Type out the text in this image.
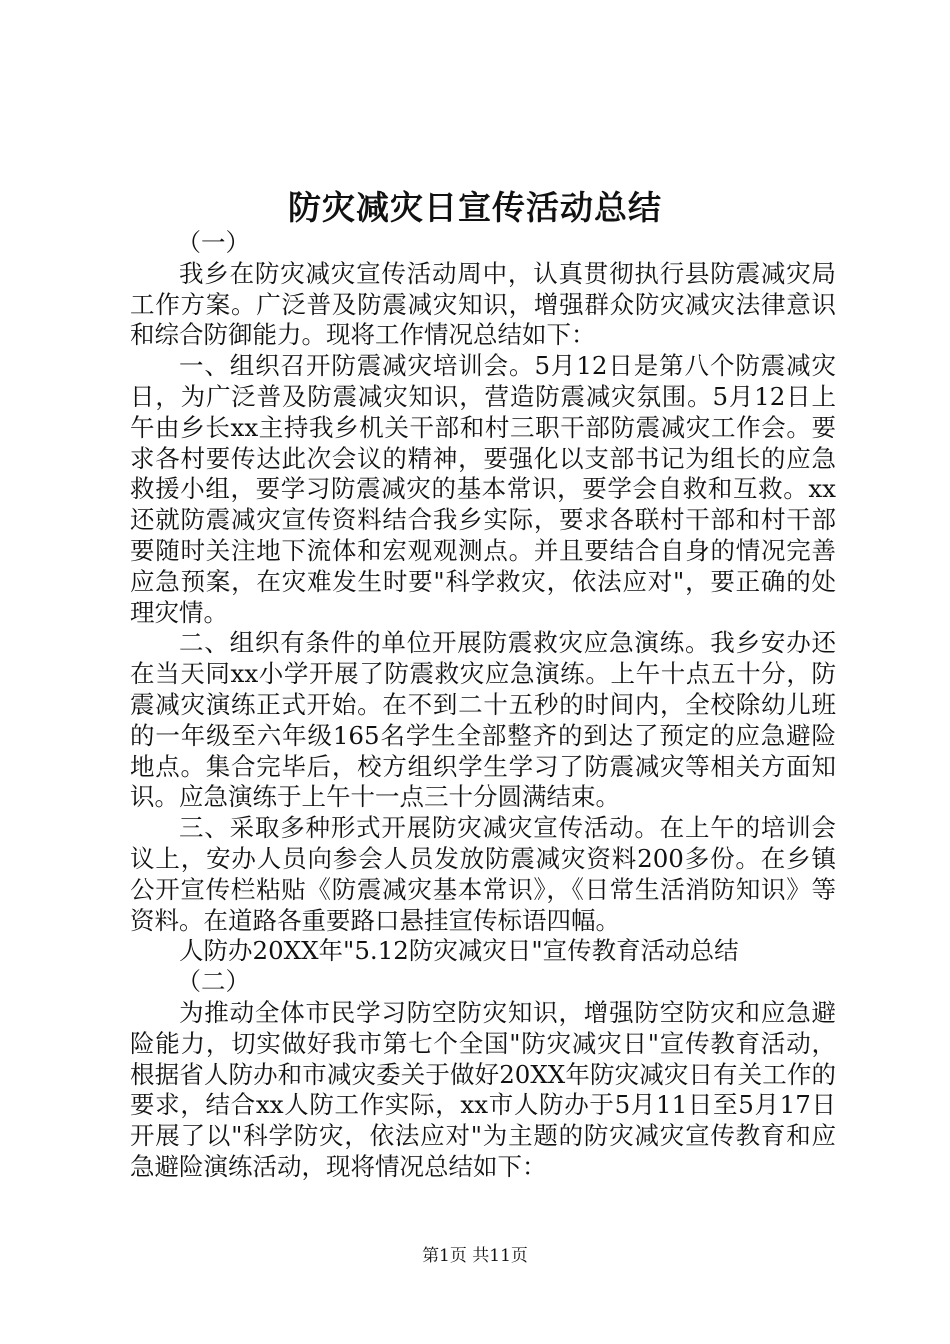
防灾减灾日宣传活动总结

（一）

我乡在防灾减灾宣传活动周中，认真贯彻执行县防震减灾局工作方案。广泛普及防震减灾知识，增强群众防灾减灾法律意识和综合防御能力。现将工作情况总结如下：

一、组织召开防震减灾培训会。5月12日是第八个防震减灾日，为广泛普及防震减灾知识，营造防震减灾氛围。5月12日上午由乡长xx主持我乡机关干部和村三职干部防震减灾工作会。要求各村要传达此次会议的精神，要强化以支部书记为组长的应急救援小组，要学习防震减灾的基本常识，要学会自救和互救。xx还就防震减灾宣传资料结合我乡实际，要求各联村干部和村干部要随时关注地下流体和宏观观测点。并且要结合自身的情况完善应急预案，在灾难发生时要"科学救灾，依法应对"，要正确的处理灾情。

二、组织有条件的单位开展防震救灾应急演练。我乡安办还在当天同xx小学开展了防震救灾应急演练。上午十点五十分，防震减灾演练正式开始。在不到二十五秒的时间内，全校除幼儿班的一年级至六年级165名学生全部整齐的到达了预定的应急避险地点。集合完毕后，校方组织学生学习了防震减灾等相关方面知识。应急演练于上午十一点三十分圆满结束。

三、采取多种形式开展防灾减灾宣传活动。在上午的培训会议上，安办人员向参会人员发放防震减灾资料200多份。在乡镇公开宣传栏粘贴《防震减灾基本常识》，《日常生活消防知识》等资料。在道路各重要路口悬挂宣传标语四幅。

人防办20XX年"5.12防灾减灾日"宣传教育活动总结

（二）

为推动全体市民学习防空防灾知识，增强防空防灾和应急避险能力，切实做好我市第七个全国"防灾减灾日"宣传教育活动，根据省人防办和市减灾委关于做好20XX年防灾减灾日有关工作的要求，结合xx人防工作实际，xx市人防办于5月11日至5月17日开展了以"科学防灾，依法应对"为主题的防灾减灾宣传教育和应急避险演练活动，现将情况总结如下：

第1页 共11页
